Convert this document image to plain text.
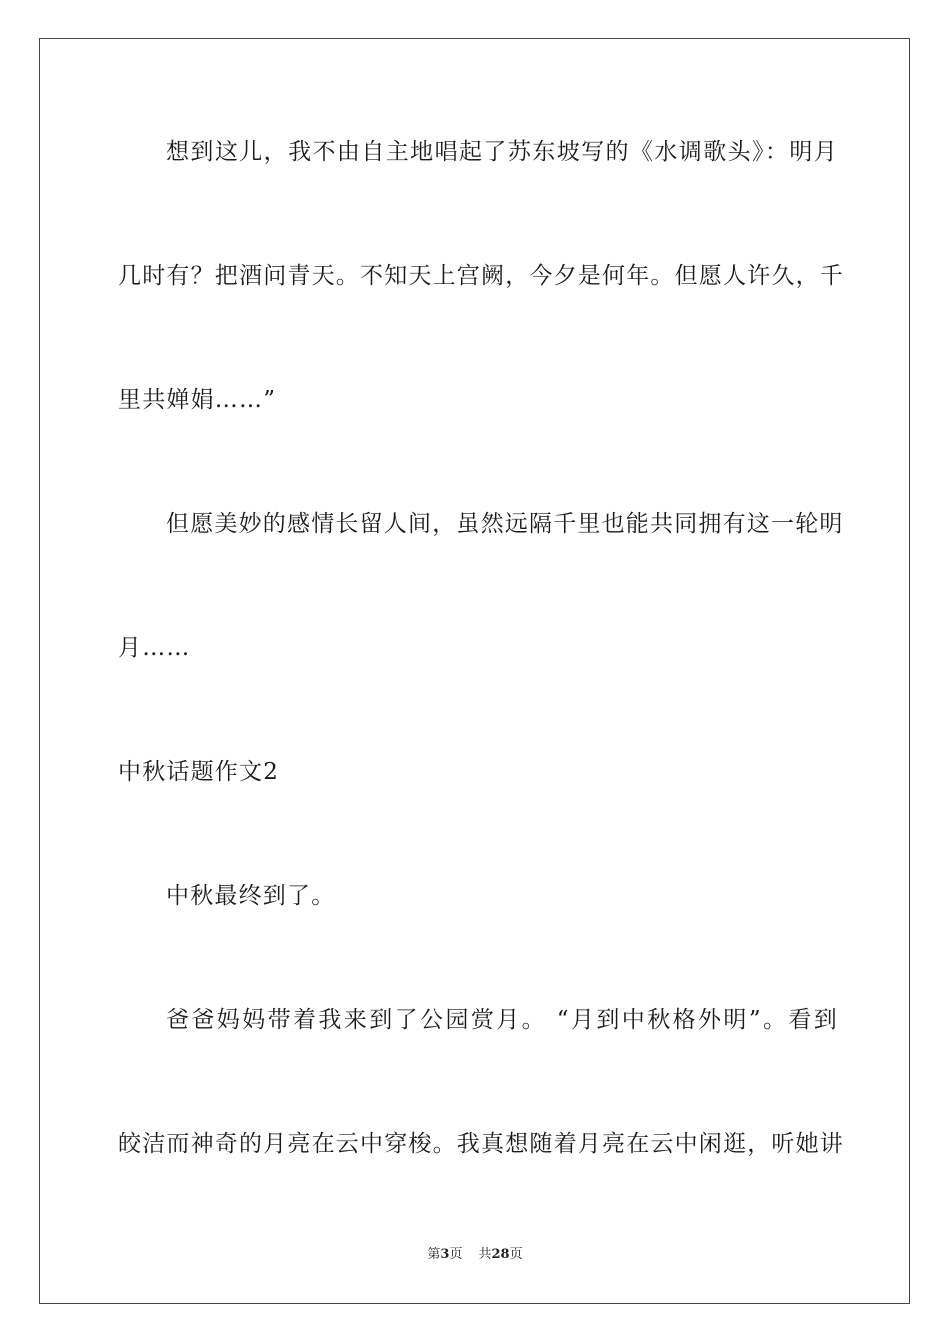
想到这儿，我不由自主地唱起了苏东坡写的《水调歌头》：明月
几时有？把酒问青天。不知天上宫阙，今夕是何年。但愿人许久，千
里共婵娟……”
但愿美妙的感情长留人间，虽然远隔千里也能共同拥有这一轮明
月……
中秋话题作文2
中秋最终到了。
爸爸妈妈带着我来到了公园赏月。 “月到中秋格外明”。看到
皎洁而神奇的月亮在云中穿梭。我真想随着月亮在云中闲逛，听她讲
第3页 共28页
